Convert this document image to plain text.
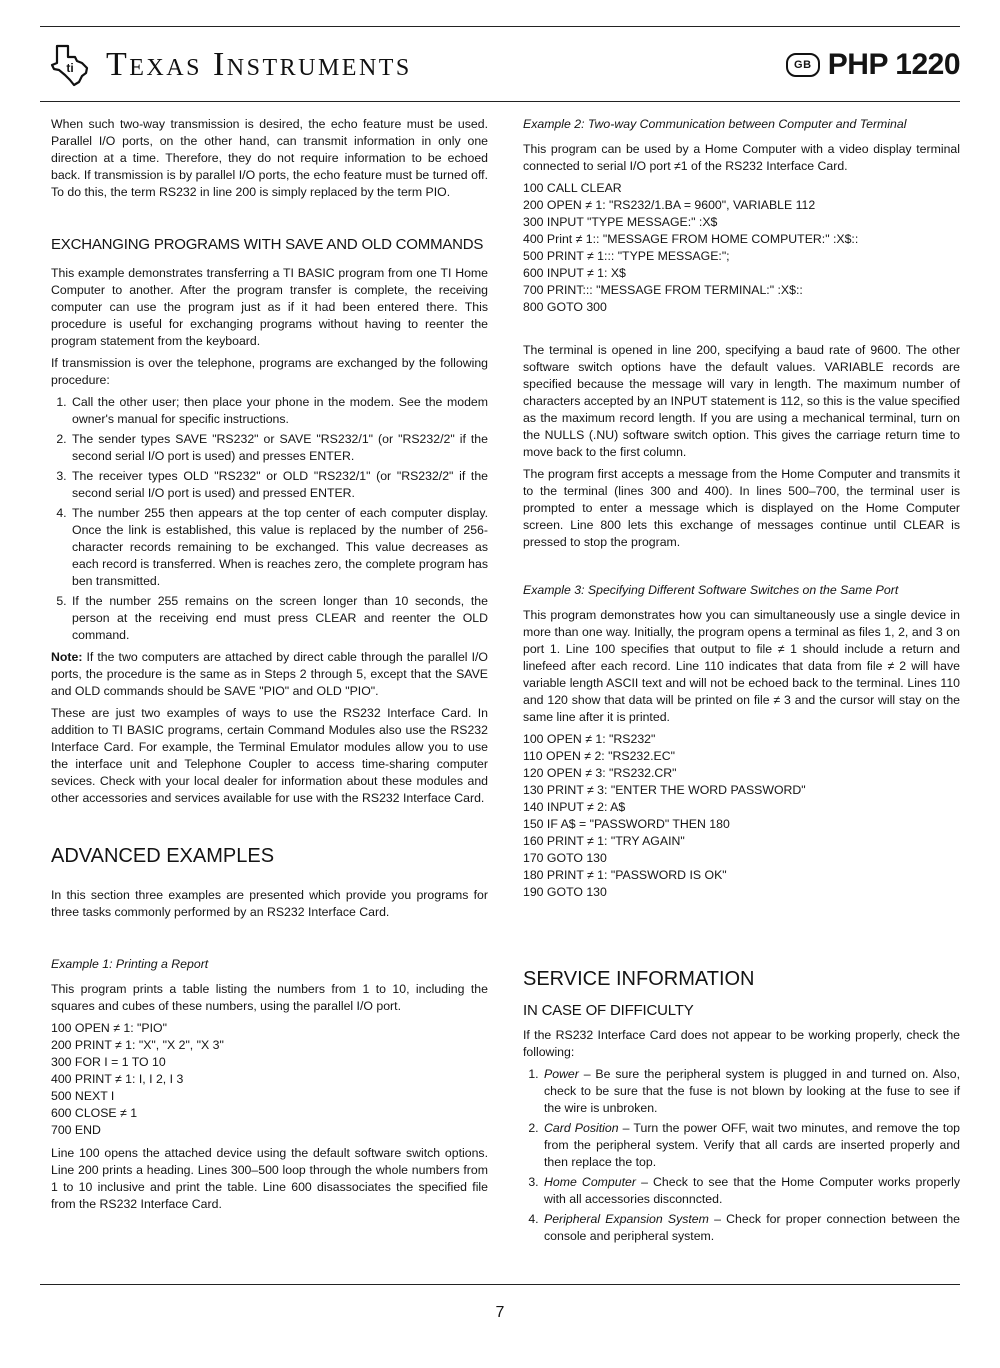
ti Texas Instruments	GB PHP 1220

When such two-way transmission is desired, the echo feature must be used. Parallel I/O ports, on the other hand, can transmit information in only one direction at a time. Therefore, they do not require information to be echoed back. If transmission is by parallel I/O ports, the echo feature must be turned off. To do this, the term RS232 in line 200 is simply replaced by the term PIO.

EXCHANGING PROGRAMS WITH SAVE AND OLD COMMANDS

This example demonstrates transferring a TI BASIC program from one TI Home Computer to another. After the program transfer is complete, the receiving computer can use the program just as if it had been entered there. This procedure is useful for exchanging programs without having to reenter the program statement from the keyboard.

If transmission is over the telephone, programs are exchanged by the following procedure:

1. Call the other user; then place your phone in the modem. See the modem owner's manual for specific instructions.
2. The sender types SAVE "RS232" or SAVE "RS232/1" (or "RS232/2" if the second serial I/O port is used) and presses ENTER.
3. The receiver types OLD "RS232" or OLD "RS232/1" (or "RS232/2" if the second serial I/O port is used) and pressed ENTER.
4. The number 255 then appears at the top center of each computer display. Once the link is established, this value is replaced by the number of 256-character records remaining to be exchanged. This value decreases as each record is transferred. When is reaches zero, the complete program has ben transmitted.
5. If the number 255 remains on the screen longer than 10 seconds, the person at the receiving end must press CLEAR and reenter the OLD command.

Note: If the two computers are attached by direct cable through the parallel I/O ports, the procedure is the same as in Steps 2 through 5, except that the SAVE and OLD commands should be SAVE "PIO" and OLD "PIO".

These are just two examples of ways to use the RS232 Interface Card. In addition to TI BASIC programs, certain Command Modules also use the RS232 Interface Card. For example, the Terminal Emulator modules allow you to use the interface unit and Telephone Coupler to access time-sharing computer sevices. Check with your local dealer for information about these modules and other accessories and services available for use with the RS232 Interface Card.

ADVANCED EXAMPLES

In this section three examples are presented which provide you programs for three tasks commonly performed by an RS232 Interface Card.

Example 1: Printing a Report

This program prints a table listing the numbers from 1 to 10, including the squares and cubes of these numbers, using the parallel I/O port.

100 OPEN ≠ 1: "PIO"
200 PRINT ≠ 1: "X", "X 2", "X 3"
300 FOR I = 1 TO 10
400 PRINT ≠ 1: I, I 2, I 3
500 NEXT I
600 CLOSE ≠ 1
700 END

Line 100 opens the attached device using the default software switch options. Line 200 prints a heading. Lines 300–500 loop through the whole numbers from 1 to 10 inclusive and print the table. Line 600 disassociates the specified file from the RS232 Interface Card.

Example 2: Two-way Communication between Computer and Terminal

This program can be used by a Home Computer with a video display terminal connected to serial I/O port ≠1 of the RS232 Interface Card.

100 CALL CLEAR
200 OPEN ≠ 1: "RS232/1.BA = 9600", VARIABLE 112
300 INPUT "TYPE MESSAGE:" :X$
400 Print ≠ 1:: "MESSAGE FROM HOME COMPUTER:" :X$::
500 PRINT ≠ 1::: "TYPE MESSAGE:";
600 INPUT ≠ 1: X$
700 PRINT::: "MESSAGE FROM TERMINAL:" :X$::
800 GOTO 300

The terminal is opened in line 200, specifying a baud rate of 9600. The other software switch options have the default values. VARIABLE records are specified because the message will vary in length. The maximum number of characters accepted by an INPUT statement is 112, so this is the value specified as the maximum record length. If you are using a mechanical terminal, turn on the NULLS (.NU) software switch option. This gives the carriage return time to move back to the first column.

The program first accepts a message from the Home Computer and transmits it to the terminal (lines 300 and 400). In lines 500–700, the terminal user is prompted to enter a message which is displayed on the Home Computer screen. Line 800 lets this exchange of messages continue until CLEAR is pressed to stop the program.

Example 3: Specifying Different Software Switches on the Same Port

This program demonstrates how you can simultaneously use a single device in more than one way. Initially, the program opens a terminal as files 1, 2, and 3 on port 1. Line 100 specifies that output to file ≠ 1 should include a return and linefeed after each record. Line 110 indicates that data from file ≠ 2 will have variable length ASCII text and will not be echoed back to the terminal. Lines 110 and 120 show that data will be printed on file ≠ 3 and the cursor will stay on the same line after it is printed.

100 OPEN ≠ 1: "RS232"
110 OPEN ≠ 2: "RS232.EC"
120 OPEN ≠ 3: "RS232.CR"
130 PRINT ≠ 3: "ENTER THE WORD PASSWORD"
140 INPUT ≠ 2: A$
150 IF A$ = "PASSWORD" THEN 180
160 PRINT ≠ 1: "TRY AGAIN"
170 GOTO 130
180 PRINT ≠ 1: "PASSWORD IS OK"
190 GOTO 130
SERVICE INFORMATION
IN CASE OF DIFFICULTY

If the RS232 Interface Card does not appear to be working properly, check the following:

1. Power – Be sure the peripheral system is plugged in and turned on. Also, check to be sure that the fuse is not blown by looking at the fuse to see if the wire is unbroken.
2. Card Position – Turn the power OFF, wait two minutes, and remove the top from the peripheral system. Verify that all cards are inserted properly and then replace the top.
3. Home Computer – Check to see that the Home Computer works properly with all accessories disconncted.
4. Peripheral Expansion System – Check for proper connection between the console and peripheral system.
7
